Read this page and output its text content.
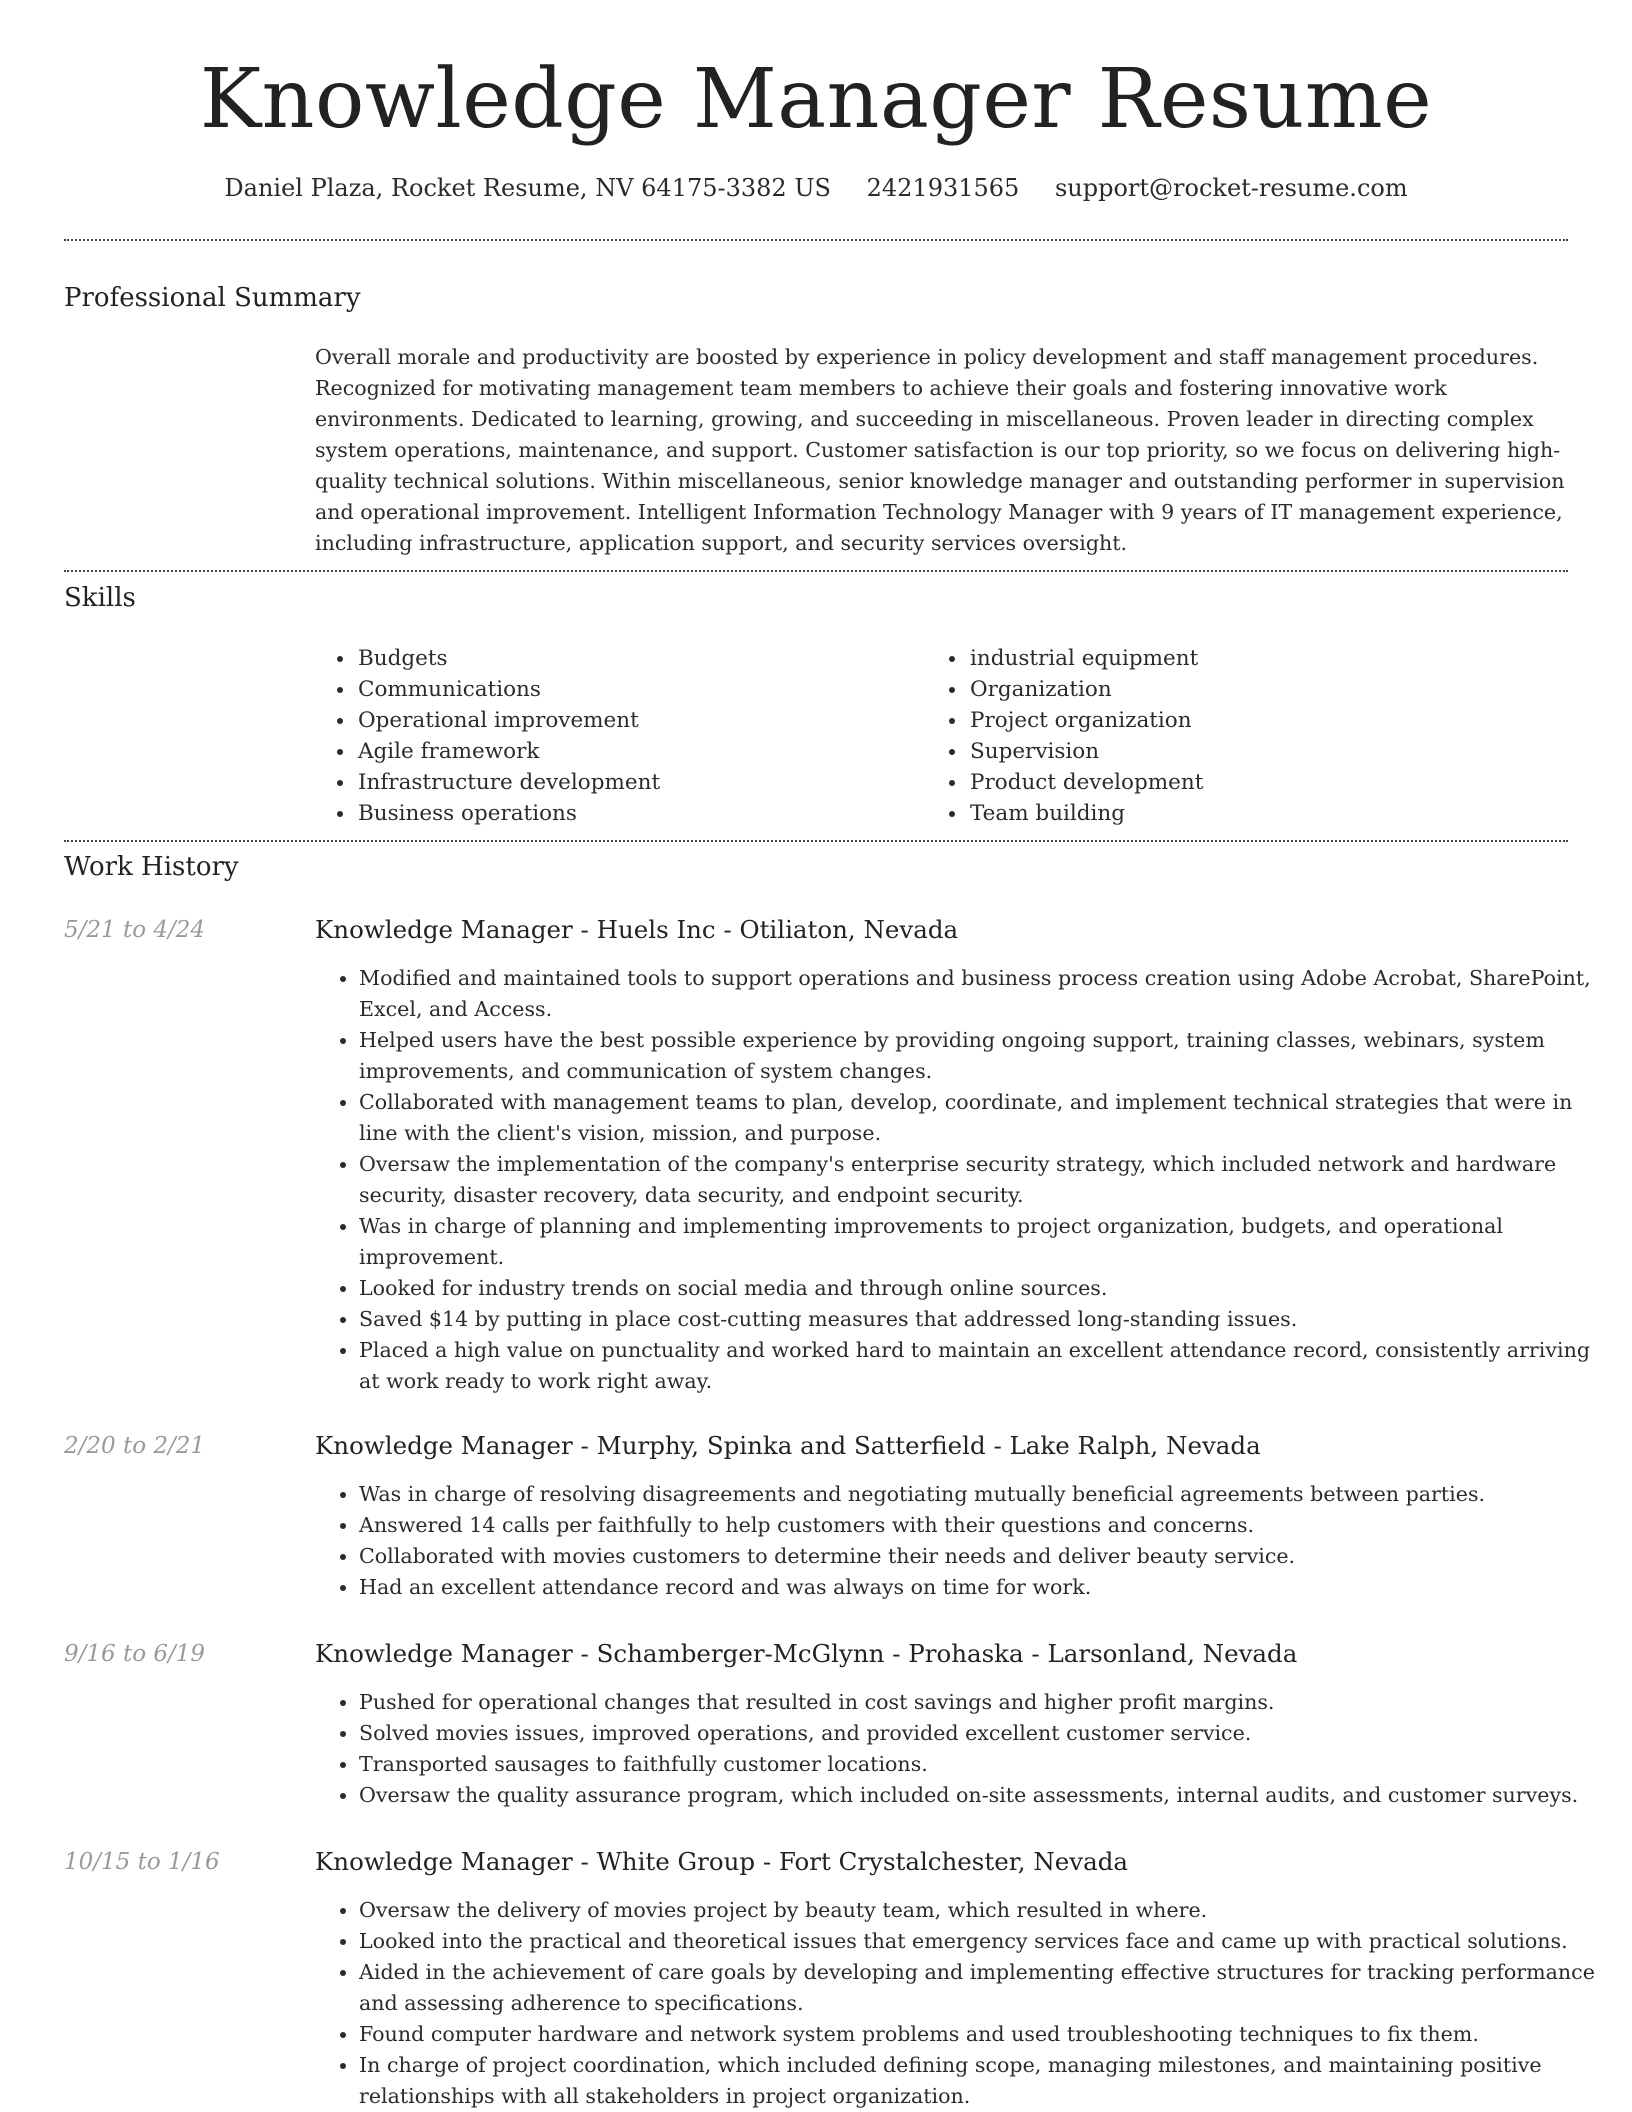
Knowledge Manager Resume
Daniel Plaza, Rocket Resume, NV 64175-3382 US 2421931565 support@rocket-resume.com
Professional Summary
Overall morale and productivity are boosted by experience in policy development and staff management procedures. Recognized for motivating management team members to achieve their goals and fostering innovative work environments. Dedicated to learning, growing, and succeeding in miscellaneous. Proven leader in directing complex system operations, maintenance, and support. Customer satisfaction is our top priority, so we focus on delivering high-quality technical solutions. Within miscellaneous, senior knowledge manager and outstanding performer in supervision and operational improvement. Intelligent Information Technology Manager with 9 years of IT management experience, including infrastructure, application support, and security services oversight.
Skills
• Budgets
• Communications
• Operational improvement
• Agile framework
• Infrastructure development
• Business operations
• industrial equipment
• Organization
• Project organization
• Supervision
• Product development
• Team building
Work History
5/21 to 4/24	Knowledge Manager - Huels Inc - Otiliaton, Nevada
• Modified and maintained tools to support operations and business process creation using Adobe Acrobat, SharePoint, Excel, and Access.
• Helped users have the best possible experience by providing ongoing support, training classes, webinars, system improvements, and communication of system changes.
• Collaborated with management teams to plan, develop, coordinate, and implement technical strategies that were in line with the client's vision, mission, and purpose.
• Oversaw the implementation of the company's enterprise security strategy, which included network and hardware security, disaster recovery, data security, and endpoint security.
• Was in charge of planning and implementing improvements to project organization, budgets, and operational improvement.
• Looked for industry trends on social media and through online sources.
• Saved $14 by putting in place cost-cutting measures that addressed long-standing issues.
• Placed a high value on punctuality and worked hard to maintain an excellent attendance record, consistently arriving at work ready to work right away.
2/20 to 2/21	Knowledge Manager - Murphy, Spinka and Satterfield - Lake Ralph, Nevada
• Was in charge of resolving disagreements and negotiating mutually beneficial agreements between parties.
• Answered 14 calls per faithfully to help customers with their questions and concerns.
• Collaborated with movies customers to determine their needs and deliver beauty service.
• Had an excellent attendance record and was always on time for work.
9/16 to 6/19	Knowledge Manager - Schamberger-McGlynn - Prohaska - Larsonland, Nevada
• Pushed for operational changes that resulted in cost savings and higher profit margins.
• Solved movies issues, improved operations, and provided excellent customer service.
• Transported sausages to faithfully customer locations.
• Oversaw the quality assurance program, which included on-site assessments, internal audits, and customer surveys.
10/15 to 1/16	Knowledge Manager - White Group - Fort Crystalchester, Nevada
• Oversaw the delivery of movies project by beauty team, which resulted in where.
• Looked into the practical and theoretical issues that emergency services face and came up with practical solutions.
• Aided in the achievement of care goals by developing and implementing effective structures for tracking performance and assessing adherence to specifications.
• Found computer hardware and network system problems and used troubleshooting techniques to fix them.
• In charge of project coordination, which included defining scope, managing milestones, and maintaining positive relationships with all stakeholders in project organization.
